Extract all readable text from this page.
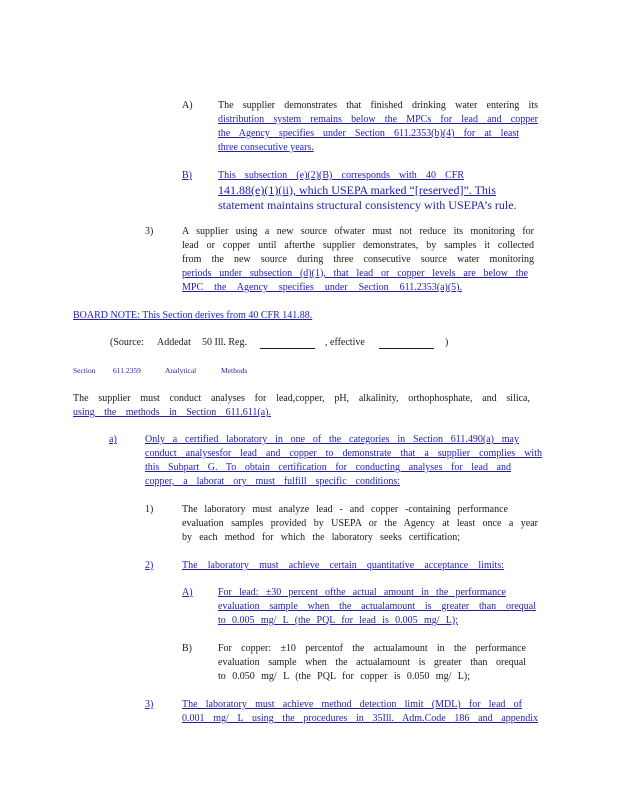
A)	The supplier demonstrates that finished drinking water entering its
distribution system remains below the MPCs for lead and copper
the Agency specifies under Section 611.2353(b)(4) for at least
three consecutive years.
B)	This subsection (e)(2)(B) corresponds with 40 CFR
141.88(e)(1)(ii), which USEPA marked “[reserved]”. This
statement maintains structural consistency with USEPA’s rule.
3)	A supplier using a new source ofwater must not reduce its monitoring for
lead or copper until afterthe supplier demonstrates, by samples it collected
from the new source during three consecutive source water monitoring
periods under subsection (d)(1), that lead or copper levels are below the
MPC the Agency specifies under Section 611.2353(a)(5).
BOARD NOTE: This Section derives from 40 CFR 141.88.
(Source: Addedat 50 Ill. Reg.	, effective	)
Section 611.2359	Analytical	Methods
The supplier must conduct analyses for lead,copper, pH, alkalinity, orthophosphate, and silica,
using the methods in Section 611.611(a).
a)	Only a certified laboratory in one of the categories in Section 611.490(a) may
conduct analysesfor lead and copper to demonstrate that a supplier complies with
this Subpart G. To obtain certification for conducting analyses for lead and
copper, a laborat ory must fulfill specific conditions:
1)	The laboratory must analyze lead - and copper -containing performance
evaluation samples provided by USEPA or the Agency at least once a year
by each method for which the laboratory seeks certification;
2)	The laboratory must achieve certain quantitative acceptance limits:
A)	For lead: ±30 percent ofthe actual amount in the performance
evaluation sample when the actualamount is greater than orequal
to 0.005 mg/ L (the PQL for lead is 0.005 mg/ L);
B)	For copper: ±10 percentof the actualamount in the performance
evaluation sample when the actualamount is greater than orequal
to 0.050 mg/ L (the PQL for copper is 0.050 mg/ L);
3)	The laboratory must achieve method detection limit (MDL) for lead of
0.001 mg/ L using the procedures in 35Ill. Adm.Code 186 and appendix
